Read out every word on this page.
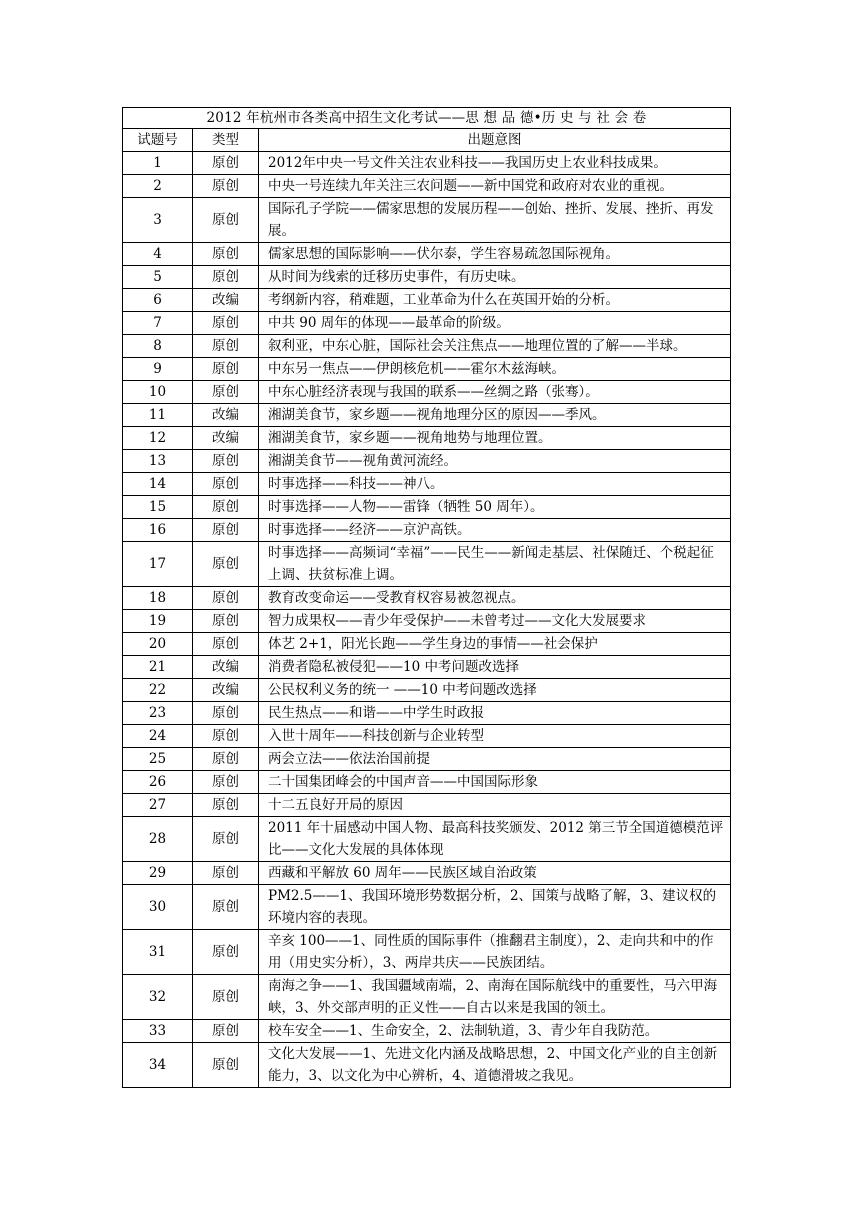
2012 年杭州市各类高中招生文化考试——思 想 品 德•历 史 与 社 会 卷		
试题号	类型	出题意图
1	原创	2012年中央一号文件关注农业科技——我国历史上农业科技成果。
2	原创	中央一号连续九年关注三农问题——新中国党和政府对农业的重视。
3	原创	国际孔子学院——儒家思想的发展历程——创始、挫折、发展、挫折、再发展。
4	原创	儒家思想的国际影响——伏尔泰，学生容易疏忽国际视角。
5	原创	从时间为线索的迁移历史事件，有历史味。
6	改编	考纲新内容，稍难题，工业革命为什么在英国开始的分析。
7	原创	中共 90 周年的体现——最革命的阶级。
8	原创	叙利亚，中东心脏，国际社会关注焦点——地理位置的了解——半球。
9	原创	中东另一焦点——伊朗核危机——霍尔木兹海峡。
10	原创	中东心脏经济表现与我国的联系——丝绸之路（张骞）。
11	改编	湘湖美食节，家乡题——视角地理分区的原因——季风。
12	改编	湘湖美食节，家乡题——视角地势与地理位置。
13	原创	湘湖美食节——视角黄河流经。
14	原创	时事选择——科技——神八。
15	原创	时事选择——人物——雷锋（牺牲 50 周年）。
16	原创	时事选择——经济——京沪高铁。
17	原创	时事选择——高频词“幸福”——民生——新闻走基层、社保随迁、个税起征上调、扶贫标准上调。
18	原创	教育改变命运——受教育权容易被忽视点。
19	原创	智力成果权——青少年受保护——未曾考过——文化大发展要求
20	原创	体艺 2+1，阳光长跑——学生身边的事情——社会保护
21	改编	消费者隐私被侵犯——10 中考问题改选择
22	改编	公民权利义务的统一 ——10 中考问题改选择
23	原创	民生热点——和谐——中学生时政报
24	原创	入世十周年——科技创新与企业转型
25	原创	两会立法——依法治国前提
26	原创	二十国集团峰会的中国声音——中国国际形象
27	原创	十二五良好开局的原因
28	原创	2011 年十届感动中国人物、最高科技奖颁发、2012 第三节全国道德模范评比——文化大发展的具体体现
29	原创	西藏和平解放 60 周年——民族区域自治政策
30	原创	PM2.5——1、我国环境形势数据分析，2、国策与战略了解，3、建议权的环境内容的表现。
31	原创	辛亥 100——1、同性质的国际事件（推翻君主制度），2、走向共和中的作用（用史实分析），3、两岸共庆——民族团结。
32	原创	南海之争——1、我国疆域南端，2、南海在国际航线中的重要性，马六甲海峡，3、外交部声明的正义性——自古以来是我国的领土。
33	原创	校车安全——1、生命安全，2、法制轨道，3、青少年自我防范。
34	原创	文化大发展——1、先进文化内涵及战略思想，2、中国文化产业的自主创新能力，3、以文化为中心辨析，4、道德滑坡之我见。
